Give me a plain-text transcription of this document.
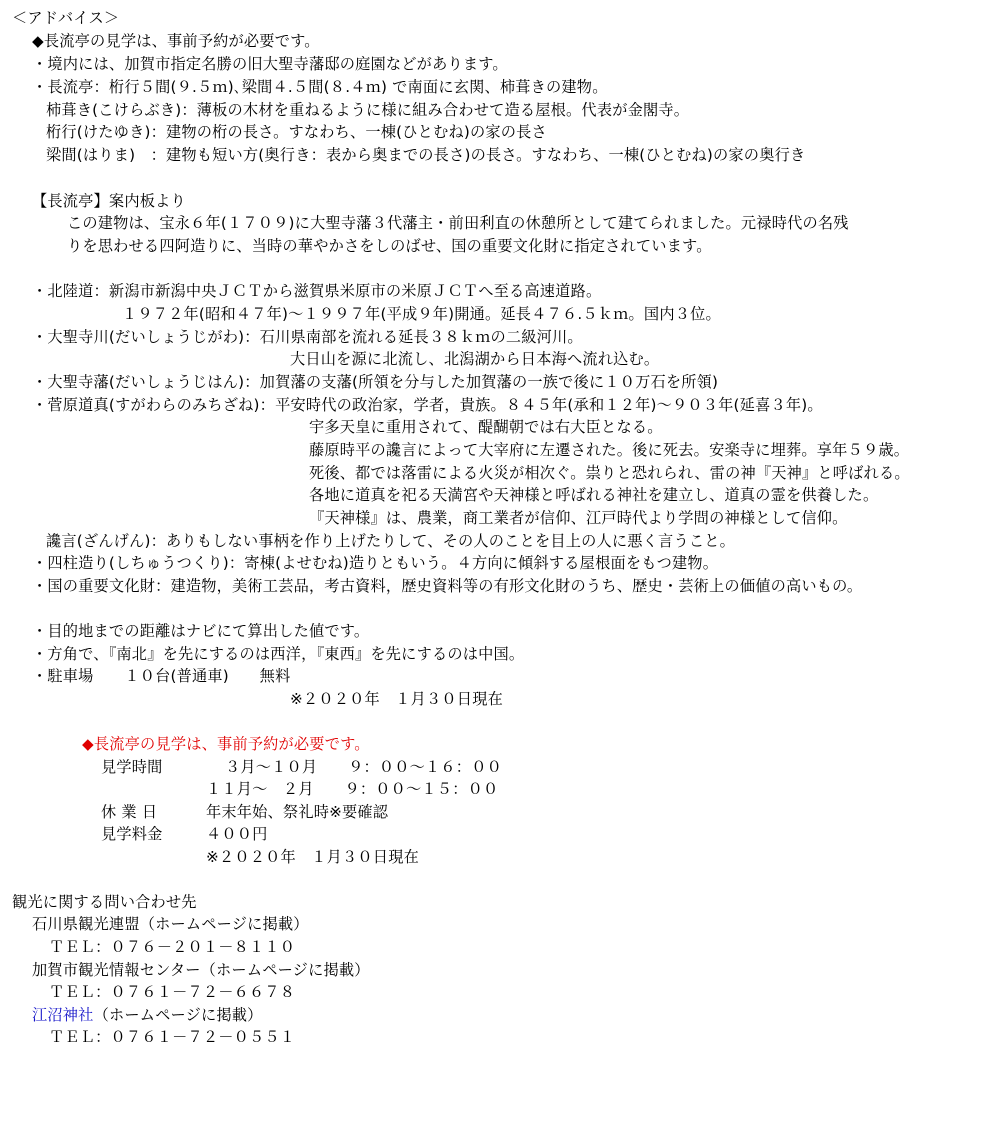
＜アドバイス＞
◆長流亭の見学は、事前予約が必要です。
・境内には、加賀市指定名勝の旧大聖寺藩邸の庭園などがあります。
・長流亭：桁行５間(９.５ｍ)､梁間４.５間(８.４ｍ) で南面に玄関、柿葺きの建物。
柿葺き(こけらぶき)：薄板の木材を重ねるように様に組み合わせて造る屋根。代表が金閣寺。
桁行(けたゆき)：建物の桁の長さ。すなわち、一棟(ひとむね)の家の長さ
梁間(はりま)　：建物も短い方(奥行き：表から奥までの長さ)の長さ。すなわち、一棟(ひとむね)の家の奥行き
【長流亭】案内板より
この建物は、宝永６年(１７０９)に大聖寺藩３代藩主・前田利直の休憩所として建てられました。元禄時代の名残
りを思わせる四阿造りに、当時の華やかさをしのばせ、国の重要文化財に指定されています。
・北陸道：新潟市新潟中央ＪＣＴから滋賀県米原市の米原ＪＣＴへ至る高速道路。
１９７２年(昭和４７年)～１９９７年(平成９年)開通。延長４７６.５ｋｍ。国内３位。
・大聖寺川(だいしょうじがわ)：石川県南部を流れる延長３８ｋｍの二級河川。
大日山を源に北流し、北潟湖から日本海へ流れ込む。
・大聖寺藩(だいしょうじはん)：加賀藩の支藩(所領を分与した加賀藩の一族で後に１０万石を所領)
・菅原道真(すがわらのみちざね)：平安時代の政治家，学者，貴族。８４５年(承和１２年)～９０３年(延喜３年)。
宇多天皇に重用されて、醍醐朝では右大臣となる。
藤原時平の讒言によって大宰府に左遷された。後に死去。安楽寺に埋葬。享年５９歳。
死後、都では落雷による火災が相次ぐ。祟りと恐れられ、雷の神『天神』と呼ばれる。
各地に道真を祀る天満宮や天神様と呼ばれる神社を建立し、道真の霊を供養した。
『天神様』は、農業，商工業者が信仰、江戸時代より学問の神様として信仰。
讒言(ざんげん)：ありもしない事柄を作り上げたりして、その人のことを目上の人に悪く言うこと。
・四柱造り(しちゅうつくり)：寄棟(よせむね)造りともいう。４方向に傾斜する屋根面をもつ建物。
・国の重要文化財：建造物，美術工芸品，考古資料，歴史資料等の有形文化財のうち、歴史・芸術上の価値の高いもの。
・目的地までの距離はナビにて算出した値です。
・方角で、『南北』を先にするのは西洋，『東西』を先にするのは中国。
・駐車場　　１０台(普通車)　　無料
※２０２０年　１月３０日現在
◆長流亭の見学は、事前予約が必要です。
見学時間	３月～１０月　　９：００～１６：００
１１月～　２月　　９：００～１５：００
休 業 日	年末年始、祭礼時※要確認
見学料金	４００円
※２０２０年　１月３０日現在
観光に関する問い合わせ先
石川県観光連盟（ホームページに掲載）
ＴＥＬ：０７６－２０１－８１１０
加賀市観光情報センター（ホームページに掲載）
ＴＥＬ：０７６１－７２－６６７８
江沼神社（ホームページに掲載）
ＴＥＬ：０７６１－７２－０５５１
